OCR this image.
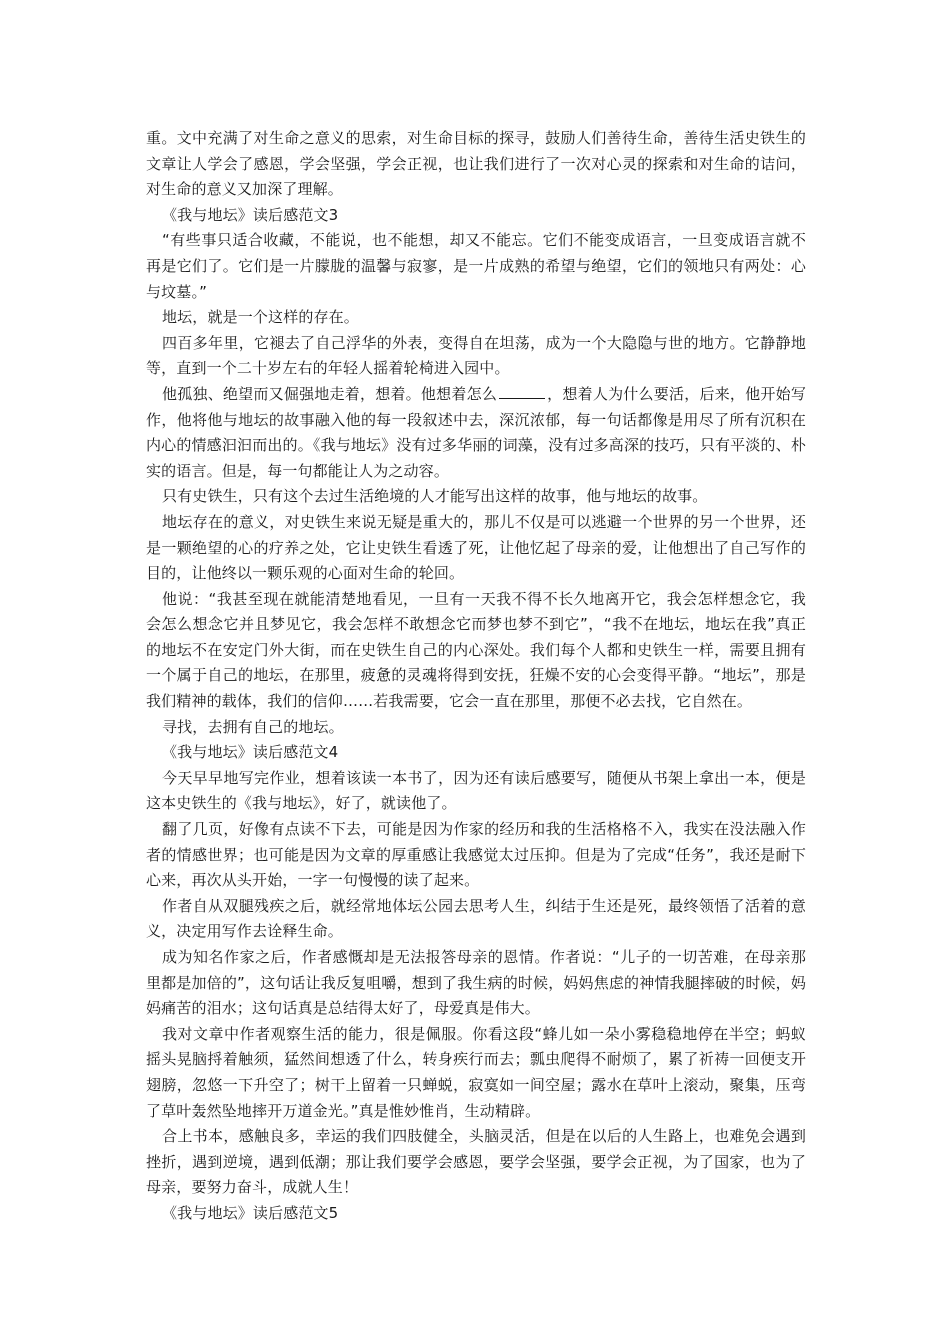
重。文中充满了对生命之意义的思索，对生命目标的探寻，鼓励人们善待生命，善待生活史铁生的文章让人学会了感恩，学会坚强，学会正视，也让我们进行了一次对心灵的探索和对生命的诘问，对生命的意义又加深了理解。

《我与地坛》读后感范文3

“有些事只适合收藏，不能说，也不能想，却又不能忘。它们不能变成语言，一旦变成语言就不再是它们了。它们是一片朦胧的温馨与寂寥，是一片成熟的希望与绝望，它们的领地只有两处：心与坟墓。”

地坛，就是一个这样的存在。

四百多年里，它褪去了自己浮华的外表，变得自在坦荡，成为一个大隐隐与世的地方。它静静地等，直到一个二十岁左右的年轻人摇着轮椅进入园中。

他孤独、绝望而又倔强地走着，想着。他想着怎么	，想着人为什么要活，后来，他开始写作，他将他与地坛的故事融入他的每一段叙述中去，深沉浓郁，每一句话都像是用尽了所有沉积在内心的情感汩汩而出的。《我与地坛》没有过多华丽的词藻，没有过多高深的技巧，只有平淡的、朴实的语言。但是，每一句都能让人为之动容。

只有史铁生，只有这个去过生活绝境的人才能写出这样的故事，他与地坛的故事。

地坛存在的意义，对史铁生来说无疑是重大的，那儿不仅是可以逃避一个世界的另一个世界，还是一颗绝望的心的疗养之处，它让史铁生看透了死，让他忆起了母亲的爱，让他想出了自己写作的目的，让他终以一颗乐观的心面对生命的轮回。

他说：“我甚至现在就能清楚地看见，一旦有一天我不得不长久地离开它，我会怎样想念它，我会怎么想念它并且梦见它，我会怎样不敢想念它而梦也梦不到它”，“我不在地坛，地坛在我”真正的地坛不在安定门外大街，而在史铁生自己的内心深处。我们每个人都和史铁生一样，需要且拥有一个属于自己的地坛，在那里，疲惫的灵魂将得到安抚，狂燥不安的心会变得平静。“地坛”，那是我们精神的载体，我们的信仰……若我需要，它会一直在那里，那便不必去找，它自然在。

寻找，去拥有自己的地坛。

《我与地坛》读后感范文4

今天早早地写完作业，想着该读一本书了，因为还有读后感要写，随便从书架上拿出一本，便是这本史铁生的《我与地坛》，好了，就读他了。

翻了几页，好像有点读不下去，可能是因为作家的经历和我的生活格格不入，我实在没法融入作者的情感世界；也可能是因为文章的厚重感让我感觉太过压抑。但是为了完成“任务”，我还是耐下心来，再次从头开始，一字一句慢慢的读了起来。

作者自从双腿残疾之后，就经常地体坛公园去思考人生，纠结于生还是死，最终领悟了活着的意义，决定用写作去诠释生命。

成为知名作家之后，作者感慨却是无法报答母亲的恩情。作者说：“儿子的一切苦难，在母亲那里都是加倍的”，这句话让我反复咀嚼，想到了我生病的时候，妈妈焦虑的神情我腿摔破的时候，妈妈痛苦的泪水；这句话真是总结得太好了，母爱真是伟大。

我对文章中作者观察生活的能力，很是佩服。你看这段“蜂儿如一朵小雾稳稳地停在半空；蚂蚁摇头晃脑捋着触须，猛然间想透了什么，转身疾行而去；瓢虫爬得不耐烦了，累了祈祷一回便支开翅膀，忽悠一下升空了；树干上留着一只蝉蜕，寂寞如一间空屋；露水在草叶上滚动，聚集，压弯了草叶轰然坠地摔开万道金光。”真是惟妙惟肖，生动精辟。

合上书本，感触良多，幸运的我们四肢健全，头脑灵活，但是在以后的人生路上，也难免会遇到挫折，遇到逆境，遇到低潮；那让我们要学会感恩，要学会坚强，要学会正视，为了国家，也为了母亲，要努力奋斗，成就人生！

《我与地坛》读后感范文5
